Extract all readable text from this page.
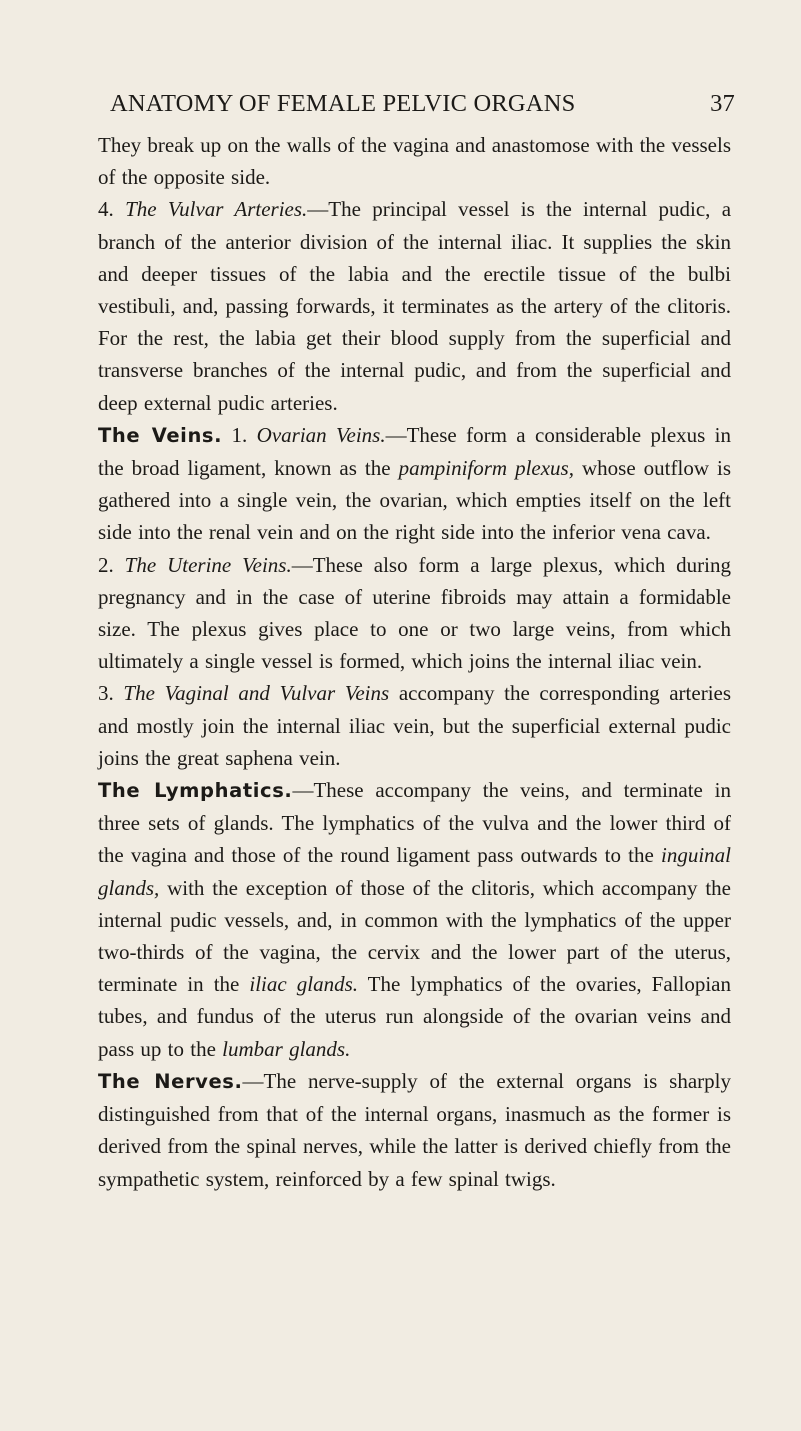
ANATOMY OF FEMALE PELVIC ORGANS	37

They break up on the walls of the vagina and anastomose with the vessels of the opposite side.

4. The Vulvar Arteries.—The principal vessel is the internal pudic, a branch of the anterior division of the internal iliac. It supplies the skin and deeper tissues of the labia and the erectile tissue of the bulbi vestibuli, and, passing forwards, it terminates as the artery of the clitoris. For the rest, the labia get their blood supply from the superficial and transverse branches of the internal pudic, and from the superficial and deep external pudic arteries.

The Veins. 1. Ovarian Veins.—These form a considerable plexus in the broad ligament, known as the pampiniform plexus, whose outflow is gathered into a single vein, the ovarian, which empties itself on the left side into the renal vein and on the right side into the inferior vena cava.

2. The Uterine Veins.—These also form a large plexus, which during pregnancy and in the case of uterine fibroids may attain a formidable size. The plexus gives place to one or two large veins, from which ultimately a single vessel is formed, which joins the internal iliac vein.

3. The Vaginal and Vulvar Veins accompany the corresponding arteries and mostly join the internal iliac vein, but the superficial external pudic joins the great saphena vein.

The Lymphatics.—These accompany the veins, and terminate in three sets of glands. The lymphatics of the vulva and the lower third of the vagina and those of the round ligament pass outwards to the inguinal glands, with the exception of those of the clitoris, which accompany the internal pudic vessels, and, in common with the lymphatics of the upper two-thirds of the vagina, the cervix and the lower part of the uterus, terminate in the iliac glands. The lymphatics of the ovaries, Fallopian tubes, and fundus of the uterus run alongside of the ovarian veins and pass up to the lumbar glands.

The Nerves.—The nerve-supply of the external organs is sharply distinguished from that of the internal organs, inasmuch as the former is derived from the spinal nerves, while the latter is derived chiefly from the sympathetic system, reinforced by a few spinal twigs.
